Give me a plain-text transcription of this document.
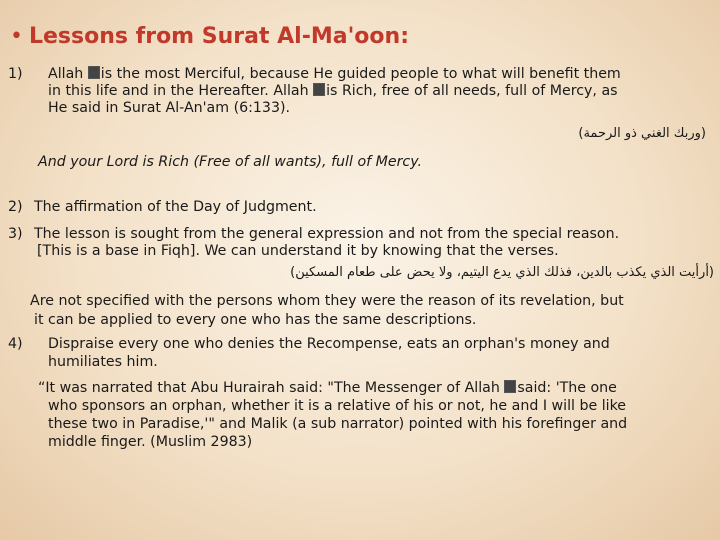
• Lessons from Surat Al-Ma'oon:
1) Allah is the most Merciful, because He guided people to what will benefit them
in this life and in the Hereafter. Allah is Rich, free of all needs, full of Mercy, as
He said in Surat Al-An'am (6:133).
(وربك الغني ذو الرحمة)
And your Lord is Rich (Free of all wants), full of Mercy.
2) The affirmation of the Day of Judgment.
3) The lesson is sought from the general expression and not from the special reason.
[This is a base in Fiqh]. We can understand it by knowing that the verses.
(أرأيت الذي يكذب بالدين، فذلك الذي يدع اليتيم، ولا يحض على طعام المسكين)
Are not specified with the persons whom they were the reason of its revelation, but
it can be applied to every one who has the same descriptions.
4) Dispraise every one who denies the Recompense, eats an orphan's money and
humiliates him.
“It was narrated that Abu Hurairah said: "The Messenger of Allah said: 'The one
who sponsors an orphan, whether it is a relative of his or not, he and I will be like
these two in Paradise,'" and Malik (a sub narrator) pointed with his forefinger and
middle finger. (Muslim 2983)
